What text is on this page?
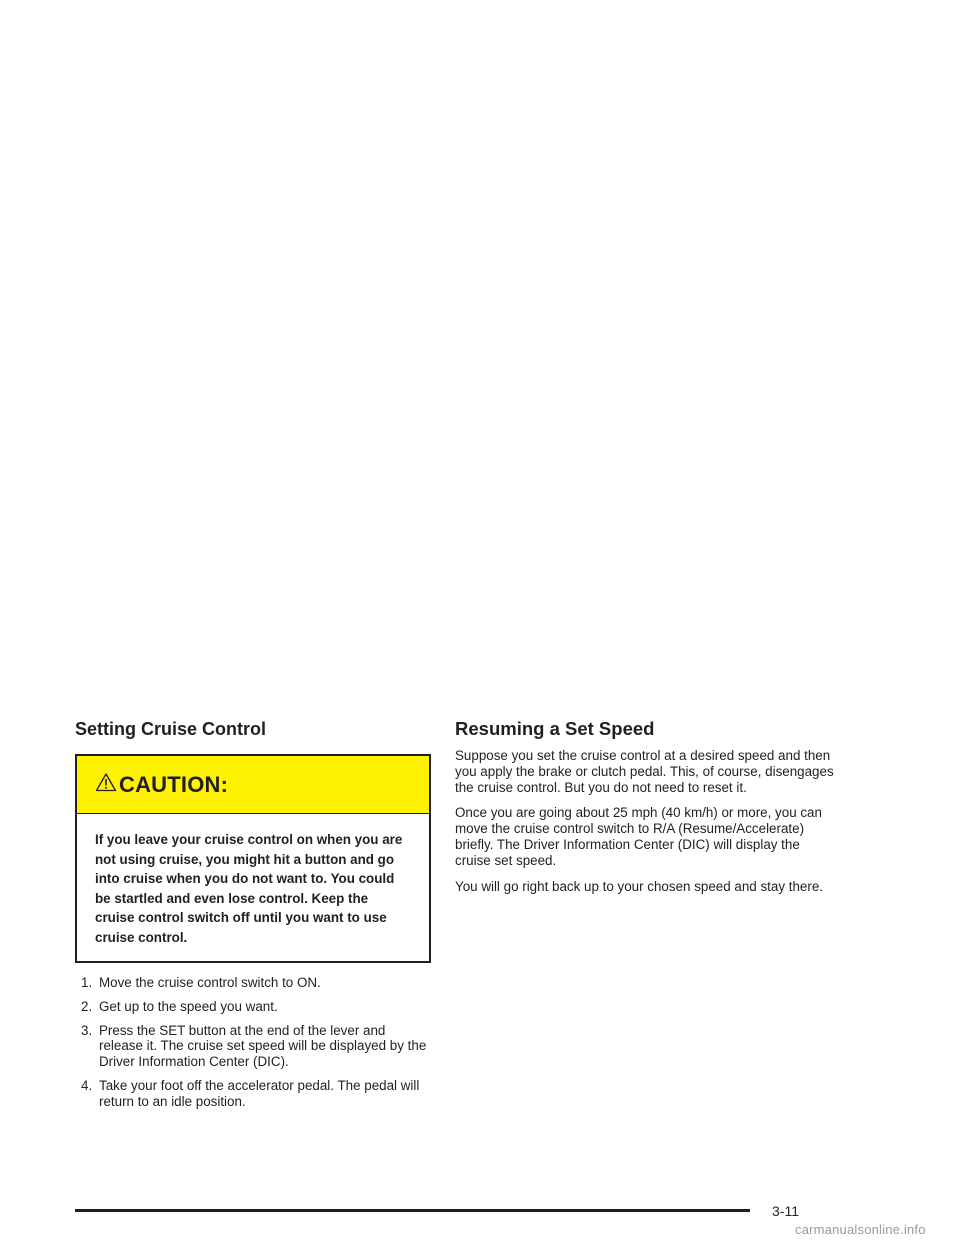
Setting Cruise Control
CAUTION:
If you leave your cruise control on when you are not using cruise, you might hit a button and go into cruise when you do not want to. You could be startled and even lose control. Keep the cruise control switch off until you want to use cruise control.
1. Move the cruise control switch to ON.
2. Get up to the speed you want.
3. Press the SET button at the end of the lever and release it. The cruise set speed will be displayed by the Driver Information Center (DIC).
4. Take your foot off the accelerator pedal. The pedal will return to an idle position.
Resuming a Set Speed

Suppose you set the cruise control at a desired speed and then you apply the brake or clutch pedal. This, of course, disengages the cruise control. But you do not need to reset it.

Once you are going about 25 mph (40 km/h) or more, you can move the cruise control switch to R/A (Resume/Accelerate) briefly. The Driver Information Center (DIC) will display the cruise set speed.

You will go right back up to your chosen speed and stay there.

3-11
carmanualsonline.info
